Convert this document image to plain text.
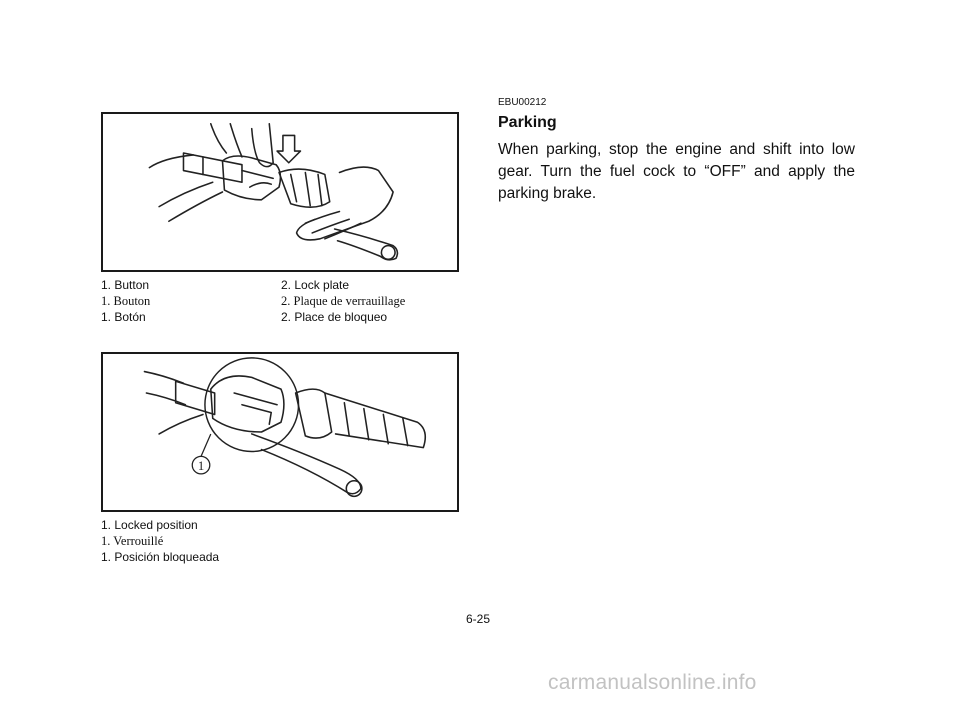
1. Button	2. Lock plate
1. Bouton	2. Plaque de verrauillage
1. Botón	2. Place de bloqueo
1
1. Locked position
1. Verrouillé
1. Posición bloqueada
EBU00212
Parking

When parking, stop the engine and shift into low gear. Turn the fuel cock to “OFF” and apply the parking brake.

6-25
carmanualsonline.info
